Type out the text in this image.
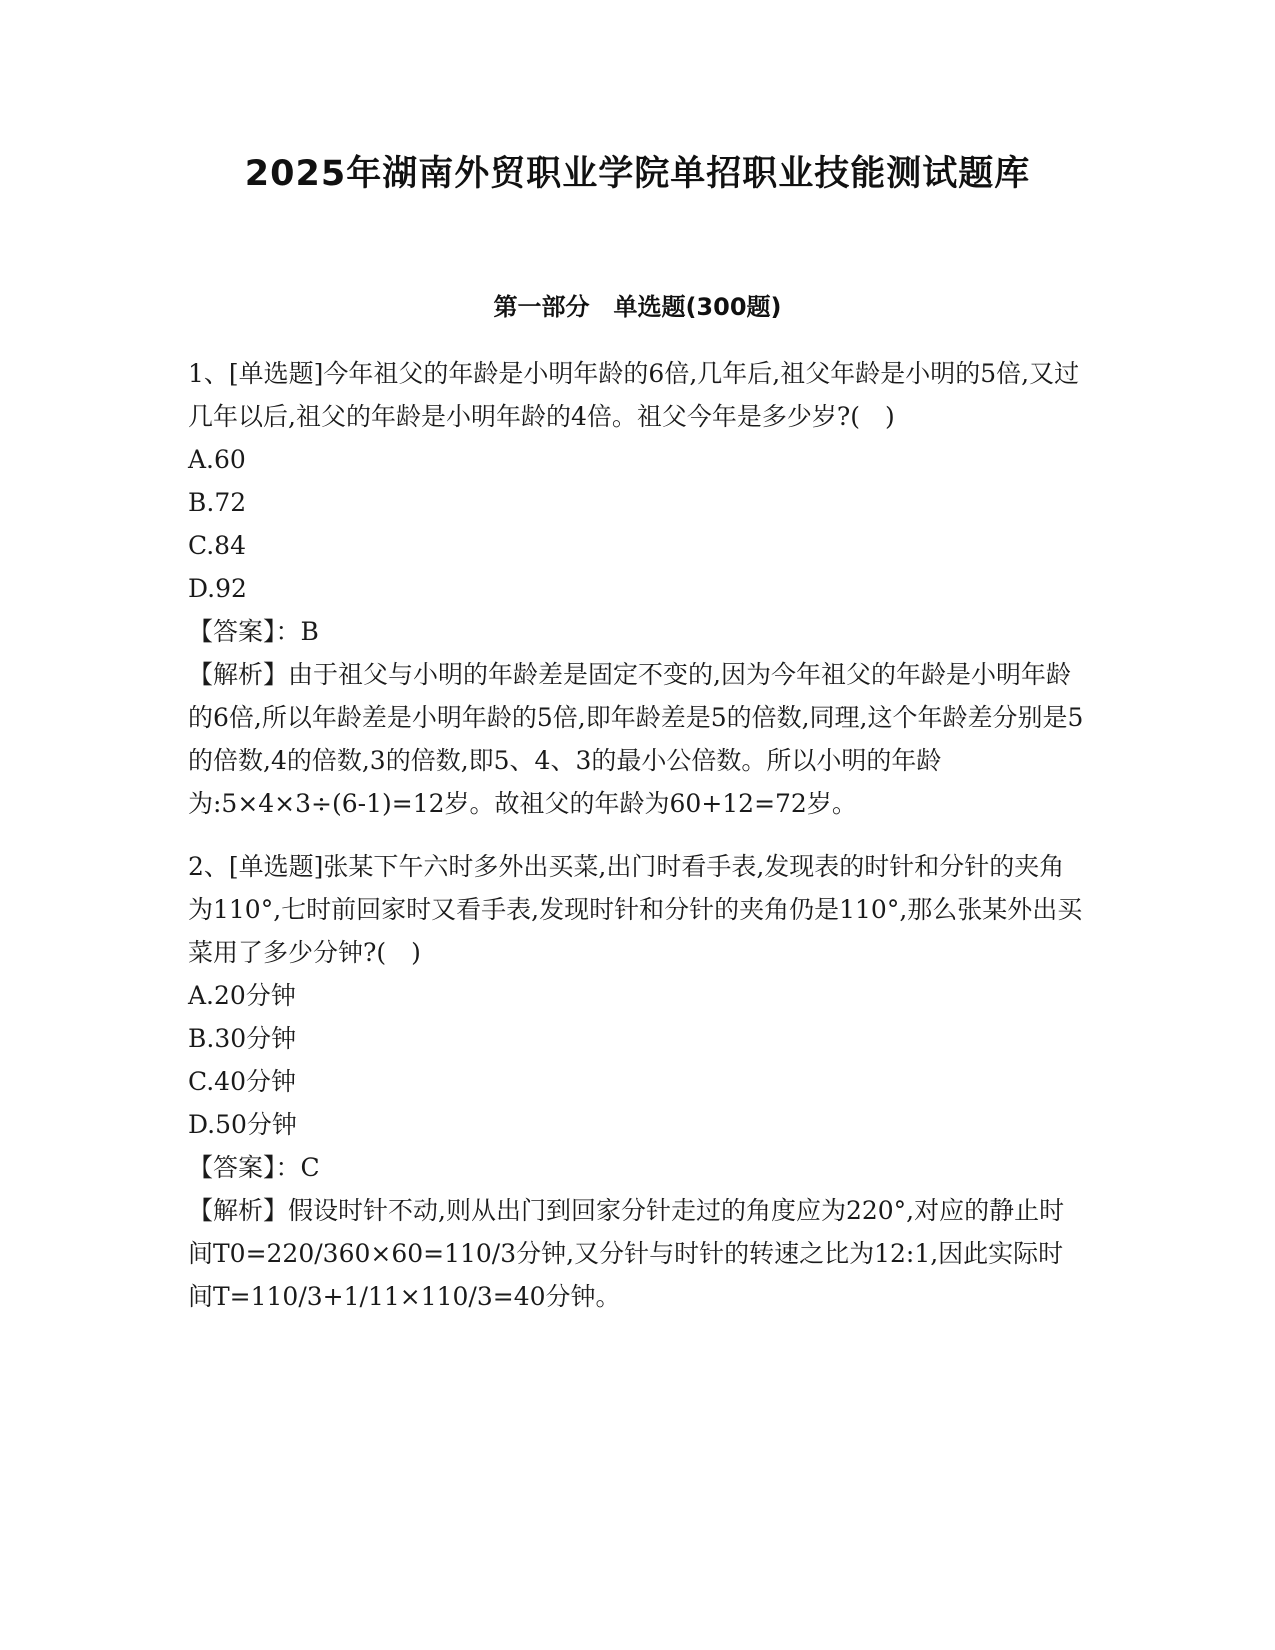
2025年湖南外贸职业学院单招职业技能测试题库
第一部分　单选题(300题)

1、[单选题]今年祖父的年龄是小明年龄的6倍,几年后,祖父年龄是小明的5倍,又过几年以后,祖父的年龄是小明年龄的4倍。祖父今年是多少岁?(　)

A.60

B.72

C.84

D.92

【答案】：B

【解析】由于祖父与小明的年龄差是固定不变的,因为今年祖父的年龄是小明年龄的6倍,所以年龄差是小明年龄的5倍,即年龄差是5的倍数,同理,这个年龄差分别是5的倍数,4的倍数,3的倍数,即5、4、3的最小公倍数。所以小明的年龄为:5×4×3÷(6-1)=12岁。故祖父的年龄为60+12=72岁。

2、[单选题]张某下午六时多外出买菜,出门时看手表,发现表的时针和分针的夹角为110°,七时前回家时又看手表,发现时针和分针的夹角仍是110°,那么张某外出买菜用了多少分钟?(　)

A.20分钟

B.30分钟

C.40分钟

D.50分钟

【答案】：C

【解析】假设时针不动,则从出门到回家分针走过的角度应为220°,对应的静止时间T0=220/360×60=110/3分钟,又分针与时针的转速之比为12:1,因此实际时间T=110/3+1/11×110/3=40分钟。
